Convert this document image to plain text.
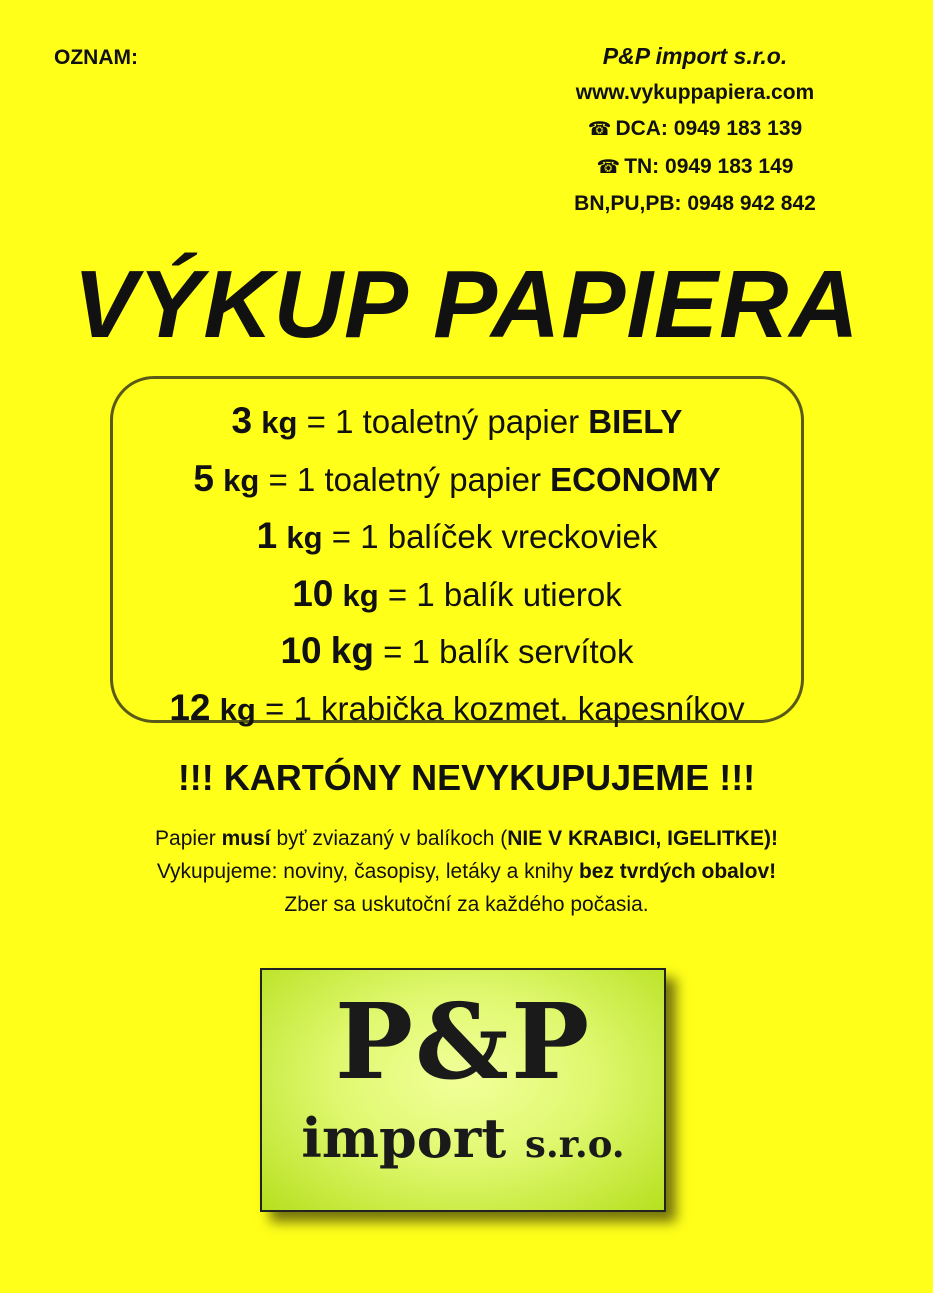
OZNAM:	P&P import s.r.o.
www.vykuppapiera.com
☎ DCA: 0949 183 139
☎ TN: 0949 183 149
BN,PU,PB: 0948 942 842
VÝKUP PAPIERA
3 kg = 1 toaletný papier BIELY
5 kg = 1 toaletný papier ECONOMY
1 kg = 1 balíček vreckoviek
10 kg = 1 balík utierok
10 kg = 1 balík servítok
12 kg = 1 krabička kozmet. kapesníkov
!!! KARTÓNY NEVYKUPUJEME !!!
Papier musí byť zviazaný v balíkoch (NIE V KRABICI, IGELITKE)!
Vykupujeme: noviny, časopisy, letáky a knihy bez tvrdých obalov!
Zber sa uskutoční za každého počasia.
P&P
import s.r.o.
